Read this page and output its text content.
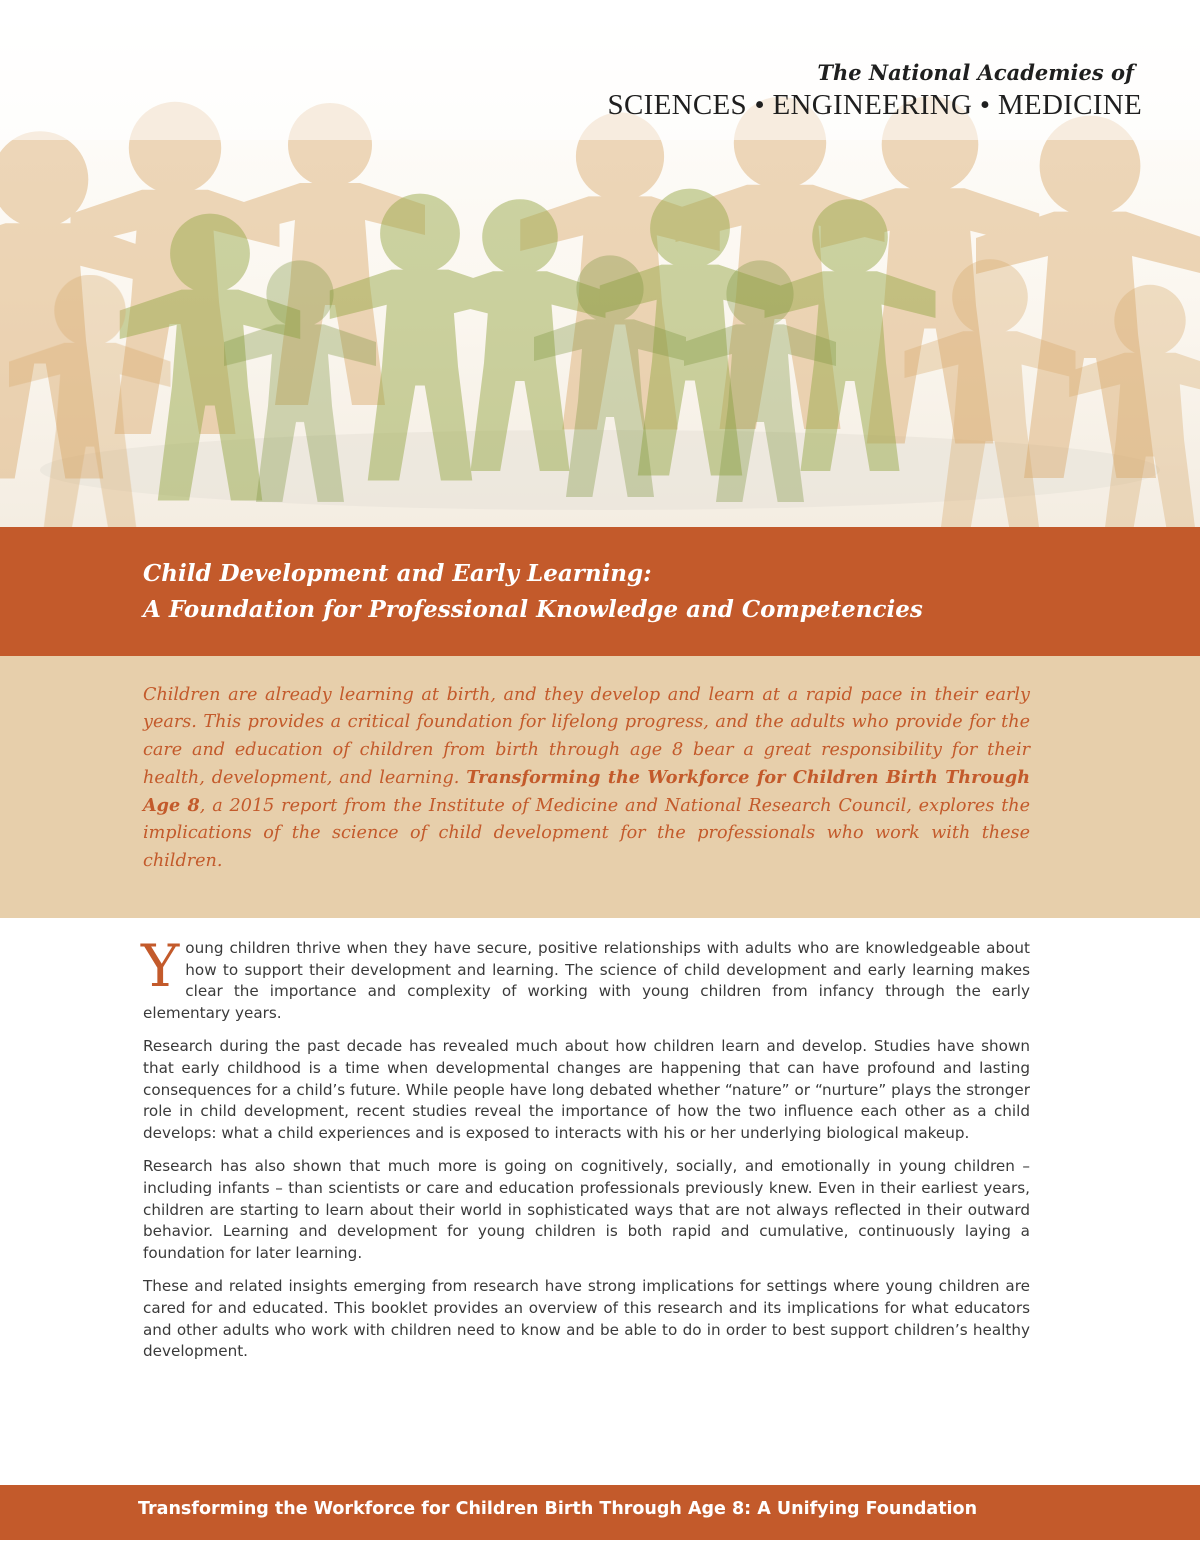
The National Academies of
SCIENCES • ENGINEERING • MEDICINE
Child Development and Early Learning:
A Foundation for Professional Knowledge and Competencies

Children are already learning at birth, and they develop and learn at a rapid pace in their early years. This provides a critical foundation for lifelong progress, and the adults who provide for the care and education of children from birth through age 8 bear a great responsibility for their health, development, and learning. Transforming the Workforce for Children Birth Through Age 8, a 2015 report from the Institute of Medicine and National Research Council, explores the implications of the science of child development for the professionals who work with these children.

Young children thrive when they have secure, positive relationships with adults who are knowledgeable about how to support their development and learning. The science of child development and early learning makes clear the importance and complexity of working with young children from infancy through the early elementary years.

Research during the past decade has revealed much about how children learn and develop. Studies have shown that early childhood is a time when developmental changes are happening that can have profound and lasting consequences for a child’s future. While people have long debated whether “nature” or “nurture” plays the stronger role in child development, recent studies reveal the importance of how the two influence each other as a child develops: what a child experiences and is exposed to interacts with his or her underlying biological makeup.

Research has also shown that much more is going on cognitively, socially, and emotionally in young children – including infants – than scientists or care and education professionals previously knew. Even in their earliest years, children are starting to learn about their world in sophisticated ways that are not always reflected in their outward behavior. Learning and development for young children is both rapid and cumulative, continuously laying a foundation for later learning.

These and related insights emerging from research have strong implications for settings where young children are cared for and educated. This booklet provides an overview of this research and its implications for what educators and other adults who work with children need to know and be able to do in order to best support children’s healthy development.

Transforming the Workforce for Children Birth Through Age 8: A Unifying Foundation
